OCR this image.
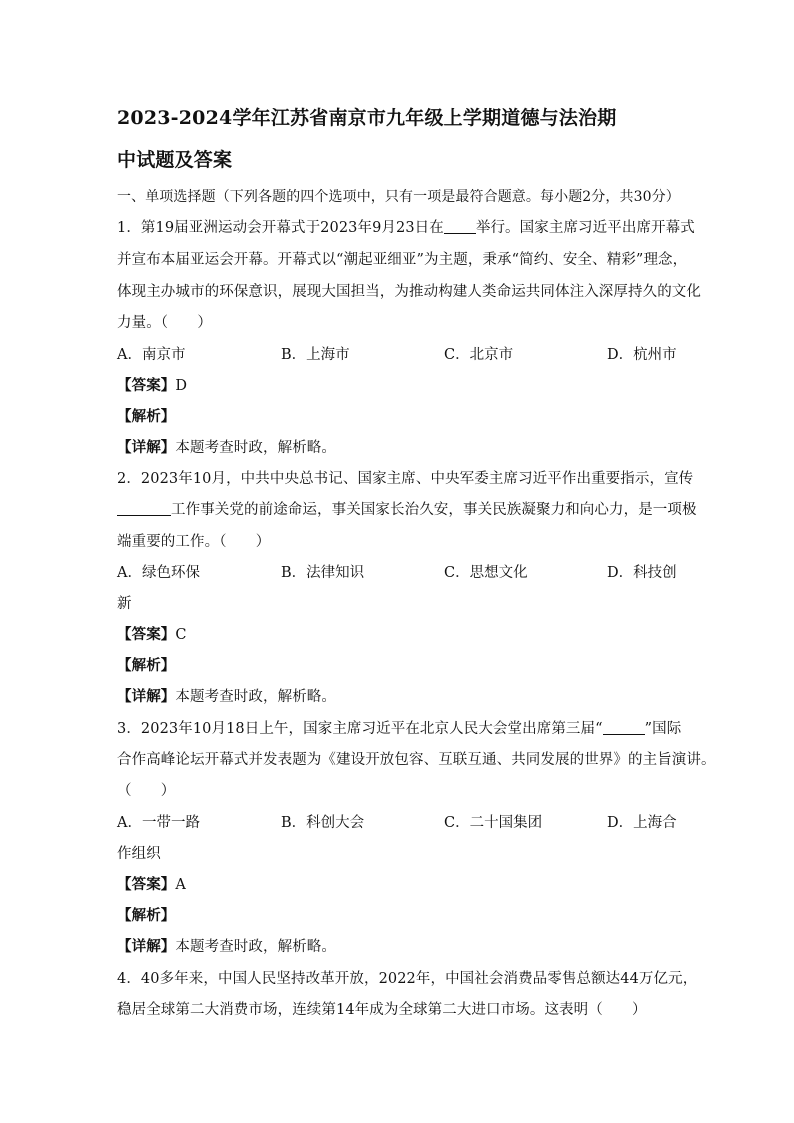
2023-2024学年江苏省南京市九年级上学期道德与法治期
中试题及答案
一、单项选择题（下列各题的四个选项中，只有一项是最符合题意。每小题2分，共30分）
1．第19届亚洲运动会开幕式于2023年9月23日在 举行。国家主席习近平出席开幕式
并宣布本届亚运会开幕。开幕式以“潮起亚细亚”为主题，秉承“简约、安全、精彩”理念，
体现主办城市的环保意识，展现大国担当，为推动构建人类命运共同体注入深厚持久的文化
力量。（　　）
A．南京市	B．上海市	C．北京市	D．杭州市
【答案】D
【解析】
【详解】本题考查时政，解析略。
2．2023年10月，中共中央总书记、国家主席、中央军委主席习近平作出重要指示，宣传
工作事关党的前途命运，事关国家长治久安，事关民族凝聚力和向心力，是一项极
端重要的工作。（　　）
A．绿色环保	B．法律知识	C．思想文化	D．科技创
新
【答案】C
【解析】
【详解】本题考查时政，解析略。
3．2023年10月18日上午，国家主席习近平在北京人民大会堂出席第三届“	”国际
合作高峰论坛开幕式并发表题为《建设开放包容、互联互通、共同发展的世界》的主旨演讲。
（　　）
A．一带一路	B．科创大会	C．二十国集团	D．上海合
作组织
【答案】A
【解析】
【详解】本题考查时政，解析略。
4．40多年来，中国人民坚持改革开放，2022年，中国社会消费品零售总额达44万亿元，
稳居全球第二大消费市场，连续第14年成为全球第二大进口市场。这表明（　　）
